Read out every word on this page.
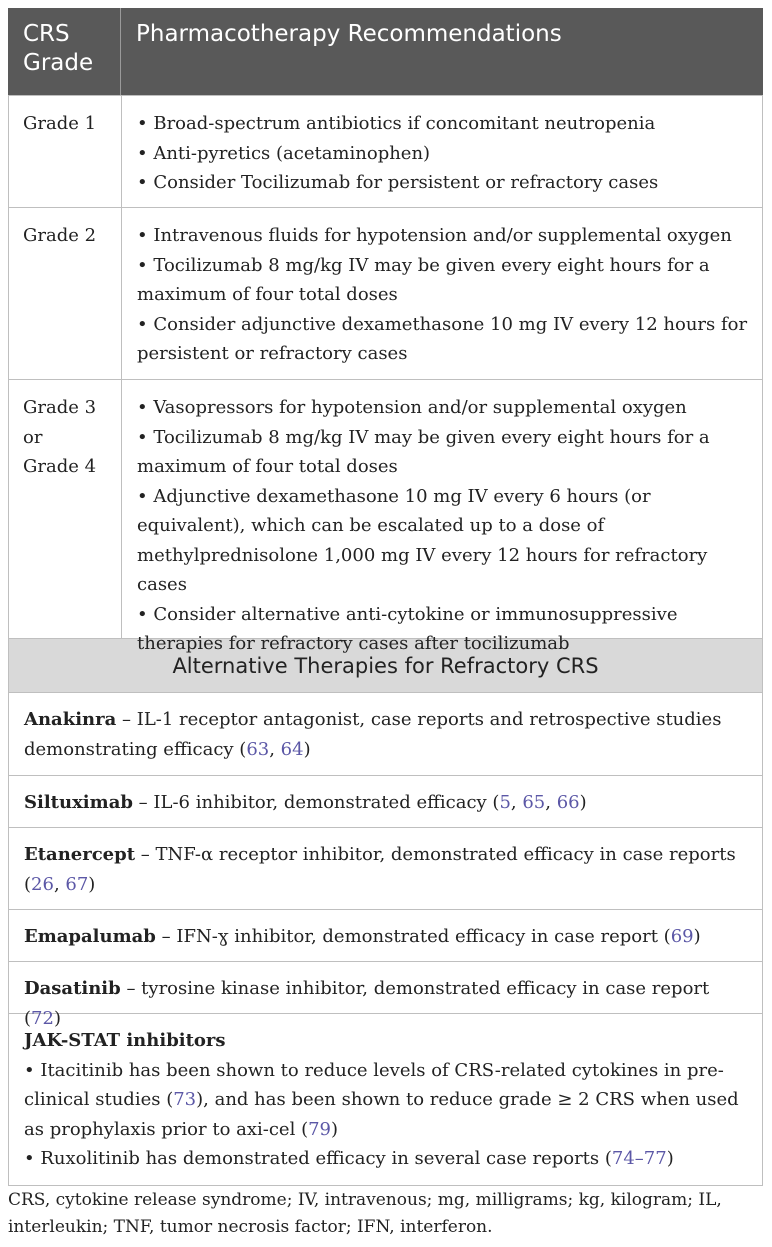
CRS Grade
Pharmacotherapy Recommendations
Grade 1	• Broad-spectrum antibiotics if concomitant neutropenia
• Anti-pyretics (acetaminophen)
• Consider Tocilizumab for persistent or refractory cases
Grade 2	• Intravenous fluids for hypotension and/or supplemental oxygen
• Tocilizumab 8 mg/kg IV may be given every eight hours for a maximum of four total doses
• Consider adjunctive dexamethasone 10 mg IV every 12 hours for persistent or refractory cases
Grade 3
or
Grade 4
• Vasopressors for hypotension and/or supplemental oxygen
• Tocilizumab 8 mg/kg IV may be given every eight hours for a maximum of four total doses
• Adjunctive dexamethasone 10 mg IV every 6 hours (or equivalent), which can be escalated up to a dose of methylprednisolone 1,000 mg IV every 12 hours for refractory cases
• Consider alternative anti-cytokine or immunosuppressive therapies for refractory cases after tocilizumab
Alternative Therapies for Refractory CRS
Anakinra – IL-1 receptor antagonist, case reports and retrospective studies demonstrating efficacy (63, 64)
Siltuximab – IL-6 inhibitor, demonstrated efficacy (5, 65, 66)
Etanercept – TNF-α receptor inhibitor, demonstrated efficacy in case reports (26, 67)
Emapalumab – IFN-ɣ inhibitor, demonstrated efficacy in case report (69)
Dasatinib – tyrosine kinase inhibitor, demonstrated efficacy in case report (72)
JAK-STAT inhibitors
• Itacitinib has been shown to reduce levels of CRS-related cytokines in pre-clinical studies (73), and has been shown to reduce grade ≥ 2 CRS when used as prophylaxis prior to axi-cel (79)
• Ruxolitinib has demonstrated efficacy in several case reports (74–77)
CRS, cytokine release syndrome; IV, intravenous; mg, milligrams; kg, kilogram; IL, interleukin; TNF, tumor necrosis factor; IFN, interferon.
